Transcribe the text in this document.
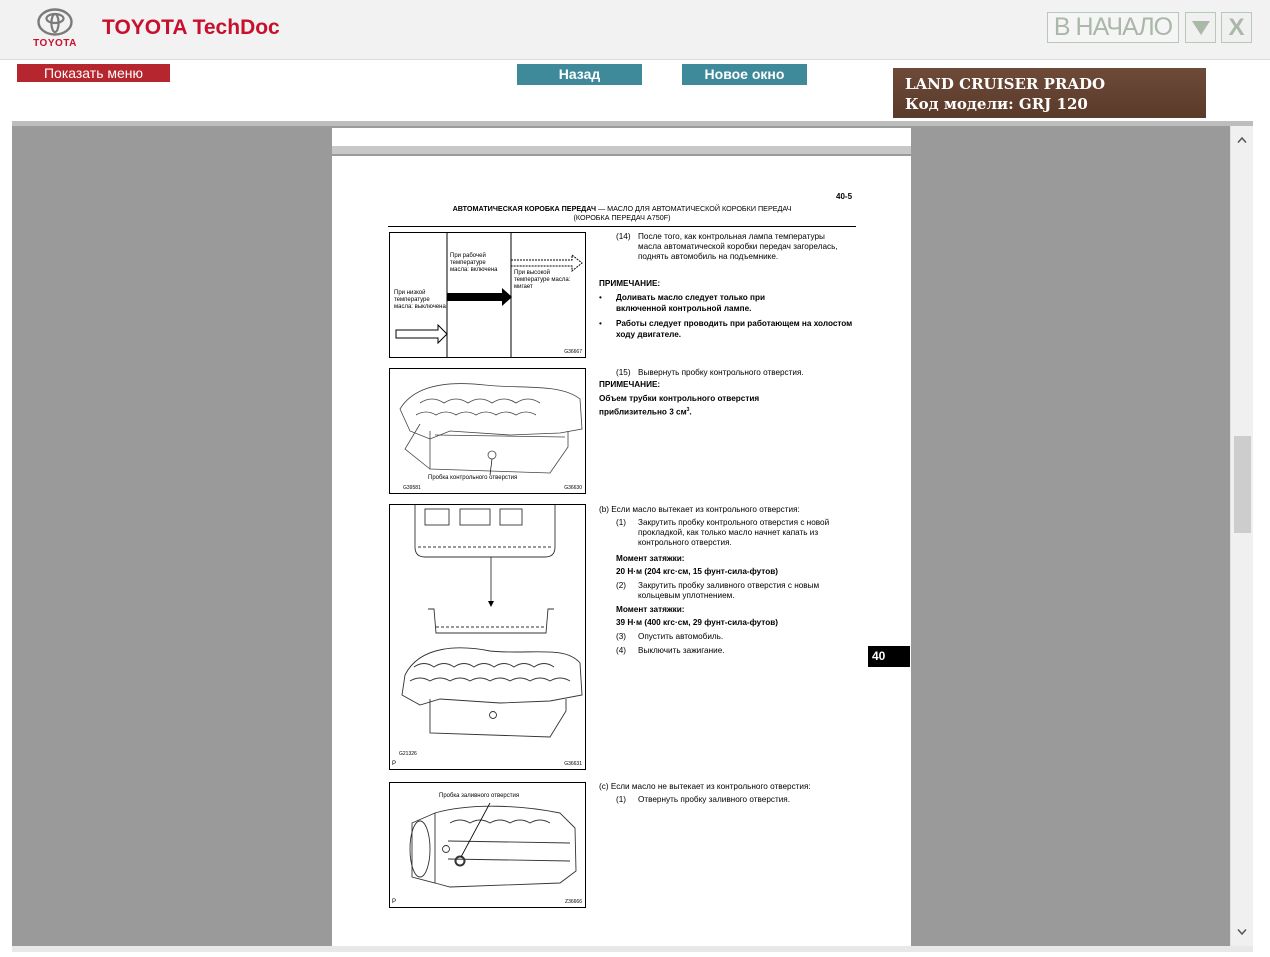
TOYOTA
TOYOTA TechDoc	В НАЧАЛО	X
Показать меню	Назад	Новое окно
LAND CRUISER PRADO
Код модели: GRJ 120
40-5
АВТОМАТИЧЕСКАЯ КОРОБКА ПЕРЕДАЧ — МАСЛО ДЛЯ АВТОМАТИЧЕСКОЙ КОРОБКИ ПЕРЕДАЧ
(КОРОБКА ПЕРЕДАЧ A750F)
При низкой температуре масла: выключена
При рабочей температуре масла: включена	При высокой температуре масла: мигает
G36667
Пробка контрольного отверстия
G39581	G36630
G21326
G36631
P
Пробка заливного отверстия
Z36666
P
(14) После того, как контрольная лампа температуры масла автоматической коробки передач загорелась, поднять автомобиль на подъемнике.
ПРИМЕЧАНИЕ:
• Доливать масло следует только при включенной контрольной лампе.
• Работы следует проводить при работающем на холостом ходу двигателе.
(15) Вывернуть пробку контрольного отверстия.
ПРИМЕЧАНИЕ:
Объем трубки контрольного отверстия приблизительно 3 $см^3$.
(b) Если масло вытекает из контрольного отверстия:
(1) Закрутить пробку контрольного отверстия с новой прокладкой, как только масло начнет капать из контрольного отверстия.
Момент затяжки:
20 Н·м (204 кгс·см, 15 фунт-сила-футов)
(2) Закрутить пробку заливного отверстия с новым кольцевым уплотнением.
Момент затяжки:
39 Н·м (400 кгс·см, 29 фунт-сила-футов)
(3) Опустить автомобиль.
(4) Выключить зажигание.
(c) Если масло не вытекает из контрольного отверстия:
(1) Отвернуть пробку заливного отверстия.
40
